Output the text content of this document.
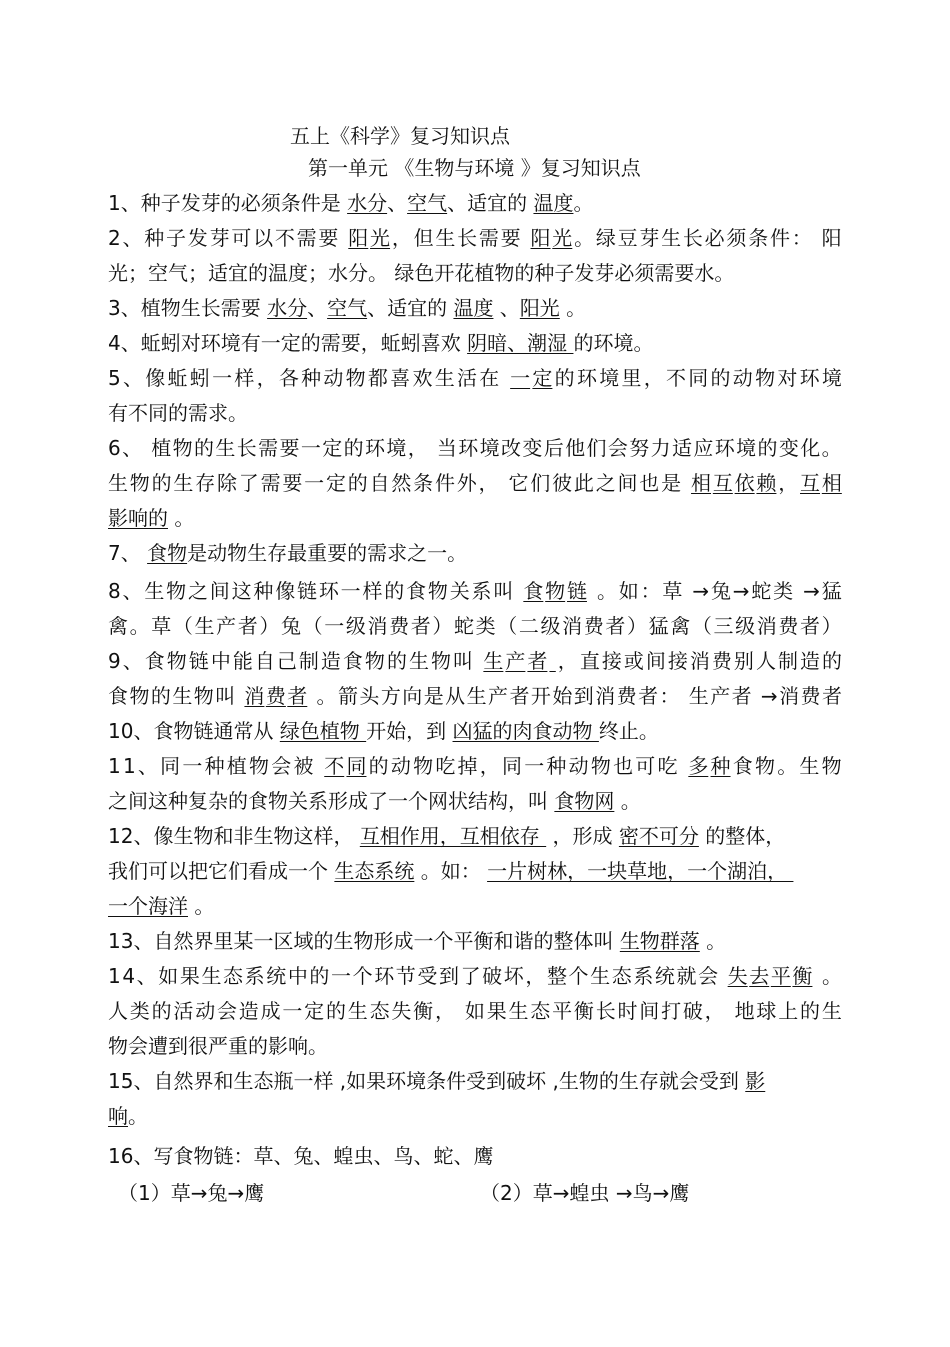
五上《科学》复习知识点
第一单元 《生物与环境 》复习知识点
1、种子发芽的必须条件是 水分、空气、适宜的 温度。
2 、 种 子 发 芽 可 以 不 需 要
阳 光 ， 但 生 长 需 要
阳 光 。 绿 豆 芽 生 长 必 须 条 件 ：
阳
光；空气；适宜的温度；水分。 绿色开花植物的种子发芽必须需要水。
3、植物生长需要 水分、空气、适宜的 温度 、阳光 。
4、蚯蚓对环境有一定的需要，蚯蚓喜欢 阴暗、潮湿 的环境。
5 、 像 蚯 蚓 一 样 ， 各 种 动 物 都 喜 欢 生 活 在
一 定 的 环 境 里 ， 不 同 的 动 物 对 环 境
有不同的需求。
6 、
植 物 的 生 长 需 要 一 定 的 环 境 ，
当 环 境 改 变 后 他 们 会 努 力 适 应 环 境 的 变 化 。
生 物 的 生 存 除 了 需 要 一 定 的 自 然 条 件 外 ，
它 们 彼 此 之 间 也 是
相 互 依 赖 ， 互 相
影响的 。
7、 食物是动物生存最重要的需求之一。
8 、 生 物 之 间 这 种 像 链 环 一 样 的 食 物 关 系 叫
食 物 链
。 如 ： 草
→ 兔 → 蛇 类
→ 猛
禽 。 草 （ 生 产 者 ） 兔 （ 一 级 消 费 者 ） 蛇 类 （ 二 级 消 费 者 ） 猛 禽 （ 三 级 消 费 者 ）
9 、 食 物 链 中 能 自 己 制 造 食 物 的 生 物 叫
生 产 者
， 直 接 或 间 接 消 费 别 人 制 造 的
食 物 的 生 物 叫
消 费 者
。 箭 头 方 向 是 从 生 产 者 开 始 到 消 费 者 ：
生 产 者
→ 消 费 者
10、食物链通常从 绿色植物 开始，到 凶猛的肉食动物 终止。
1 1 、 同 一 种 植 物 会 被
不 同 的 动 物 吃 掉 ， 同 一 种 动 物 也 可 吃
多 种 食 物 。 生 物
之间这种复杂的食物关系形成了一个网状结构，叫 食物网 。
12、像生物和非生物这样， 互相作用，互相依存  ，形成 密不可分 的整体，
我们可以把它们看成一个 生态系统 。如： 一片树林，一块草地，一个湖泊，
一个海洋 。
13、自然界里某一区域的生物形成一个平衡和谐的整体叫 生物群落 。
1 4 、 如 果 生 态 系 统 中 的 一 个 环 节 受 到 了 破 坏 ， 整 个 生 态 系 统 就 会
失 去 平 衡
。
人 类 的 活 动 会 造 成 一 定 的 生 态 失 衡 ，
如 果 生 态 平 衡 长 时 间 打 破 ，
地 球 上 的 生
物会遭到很严重的影响。
15、自然界和生态瓶一样 ,如果环境条件受到破坏 ,生物的生存就会受到 影
响。
16、写食物链：草、兔、蝗虫、鸟、蛇、鹰
（1）草→兔→鹰	（2）草→蝗虫 →鸟→鹰
